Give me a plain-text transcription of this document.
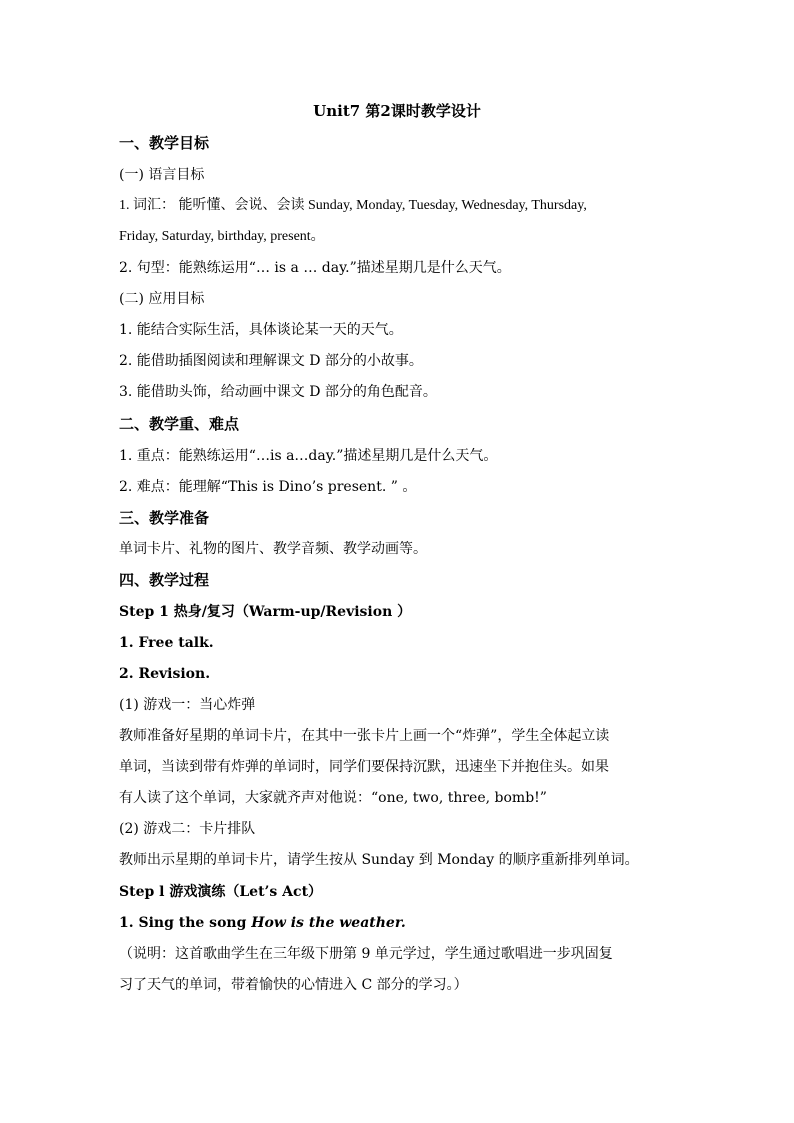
Unit7 第2课时教学设计
一、教学目标
(一) 语言目标
1. 词汇： 能听懂、会说、会读 Sunday, Monday, Tuesday, Wednesday, Thursday,
Friday, Saturday, birthday, present。
2. 句型：能熟练运用“… is a … day.”描述星期几是什么天气。
(二) 应用目标
1. 能结合实际生活，具体谈论某一天的天气。
2. 能借助插图阅读和理解课文 D 部分的小故事。
3. 能借助头饰，给动画中课文 D 部分的角色配音。
二、教学重、难点
1. 重点：能熟练运用“…is a…day.”描述星期几是什么天气。
2. 难点：能理解“This is Dino’s present. ” 。
三、教学准备
单词卡片、礼物的图片、教学音频、教学动画等。
四、教学过程
Step 1 热身/复习（Warm-up/Revision ）
1. Free talk.
2. Revision.
(1) 游戏一：当心炸弹
教师准备好星期的单词卡片，在其中一张卡片上画一个“炸弹”，学生全体起立读
单词，当读到带有炸弹的单词时，同学们要保持沉默，迅速坐下并抱住头。如果
有人读了这个单词，大家就齐声对他说：“one, two, three, bomb!”
(2) 游戏二：卡片排队
教师出示星期的单词卡片，请学生按从 Sunday 到 Monday 的顺序重新排列单词。
Step l 游戏演练（Let’s Act）
1. Sing the song How is the weather.
（说明：这首歌曲学生在三年级下册第 9 单元学过，学生通过歌唱进一步巩固复
习了天气的单词，带着愉快的心情进入 C 部分的学习。）
